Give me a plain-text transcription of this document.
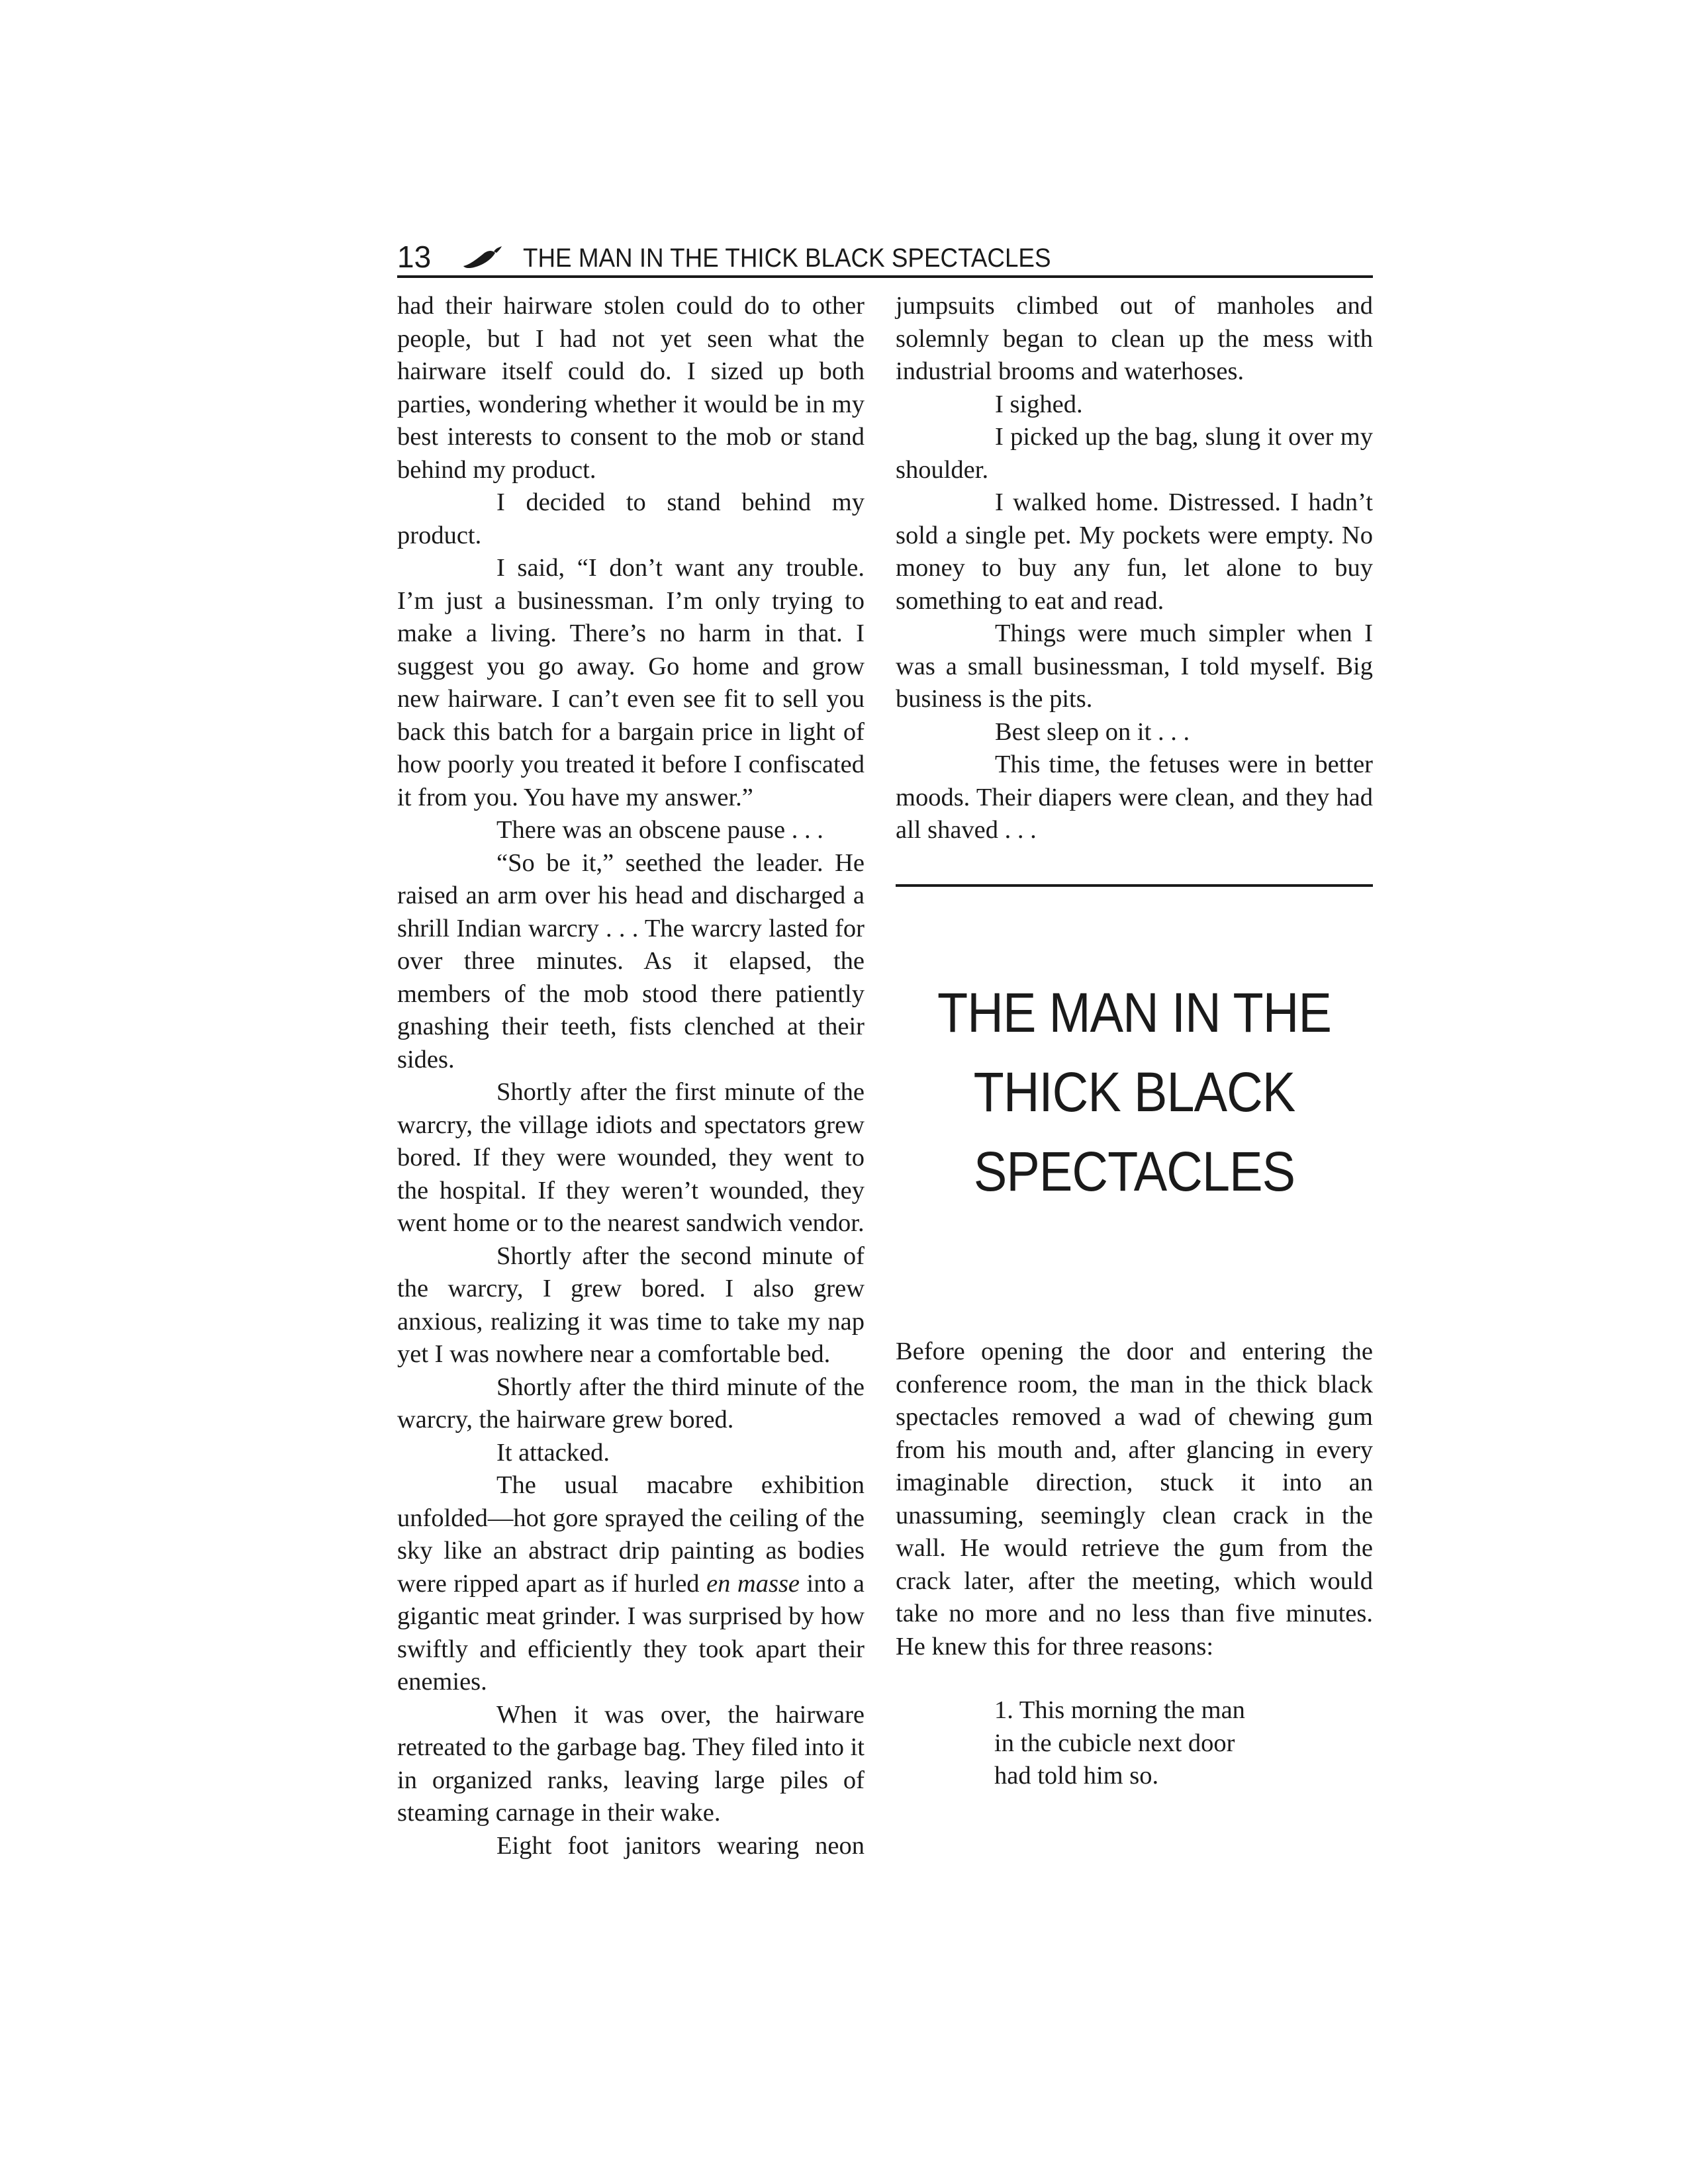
13	THE MAN IN THE THICK BLACK SPECTACLES

had their hairware stolen could do to other people, but I had not yet seen what the hairware itself could do. I sized up both parties, wondering whether it would be in my best interests to consent to the mob or stand behind my product.

I decided to stand behind my product.

I said, “I don’t want any trouble. I’m just a businessman. I’m only trying to make a living. There’s no harm in that. I suggest you go away. Go home and grow new hairware. I can’t even see fit to sell you back this batch for a bargain price in light of how poorly you treated it before I confiscated it from you. You have my answer.”

There was an obscene pause . . .

“So be it,” seethed the leader. He raised an arm over his head and discharged a shrill Indian warcry . . . The warcry lasted for over three minutes. As it elapsed, the members of the mob stood there patiently gnashing their teeth, fists clenched at their sides.

Shortly after the first minute of the warcry, the village idiots and spectators grew bored. If they were wounded, they went to the hospital. If they weren’t wounded, they went home or to the nearest sandwich vendor.

Shortly after the second minute of the warcry, I grew bored. I also grew anxious, realizing it was time to take my nap yet I was nowhere near a comfortable bed.

Shortly after the third minute of the warcry, the hairware grew bored.

It attacked.

The usual macabre exhibition unfolded—hot gore sprayed the ceiling of the sky like an abstract drip painting as bodies were ripped apart as if hurled en masse into a gigantic meat grinder. I was surprised by how swiftly and efficiently they took apart their enemies.

When it was over, the hairware retreated to the garbage bag. They filed into it in organized ranks, leaving large piles of steaming carnage in their wake.

Eight foot janitors wearing neon

jumpsuits climbed out of manholes and solemnly began to clean up the mess with industrial brooms and waterhoses.

I sighed.

I picked up the bag, slung it over my shoulder.

I walked home. Distressed. I hadn’t sold a single pet. My pockets were empty. No money to buy any fun, let alone to buy something to eat and read.

Things were much simpler when I was a small businessman, I told myself. Big business is the pits.

Best sleep on it . . .

This time, the fetuses were in better moods. Their diapers were clean, and they had all shaved . . .

THE MAN IN THE
THICK BLACK
SPECTACLES

Before opening the door and entering the conference room, the man in the thick black spectacles removed a wad of chewing gum from his mouth and, after glancing in every imaginable direction, stuck it into an unassuming, seemingly clean crack in the wall. He would retrieve the gum from the crack later, after the meeting, which would take no more and no less than five minutes. He knew this for three reasons:

1. This morning the man
in the cubicle next door
had told him so.
